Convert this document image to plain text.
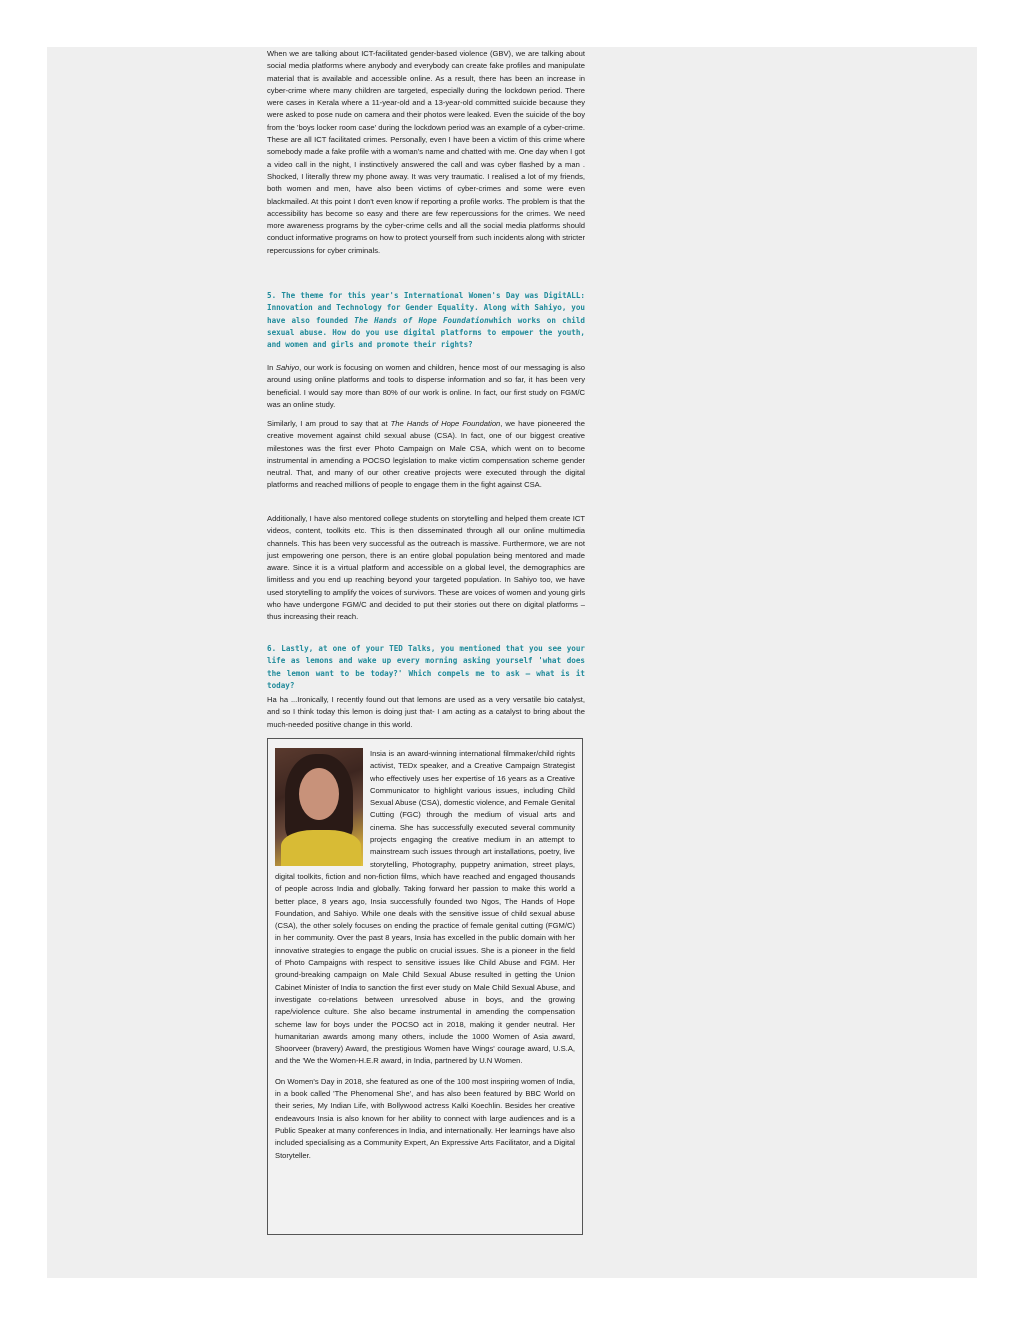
When we are talking about ICT-facilitated gender-based violence (GBV), we are talking about social media platforms where anybody and everybody can create fake profiles and manipulate material that is available and accessible online. As a result, there has been an increase in cyber-crime where many children are targeted, especially during the lockdown period. There were cases in Kerala where a 11-year-old and a 13-year-old committed suicide because they were asked to pose nude on camera and their photos were leaked. Even the suicide of the boy from the 'boys locker room case' during the lockdown period was an example of a cyber-crime. These are all ICT facilitated crimes. Personally, even I have been a victim of this crime where somebody made a fake profile with a woman's name and chatted with me. One day when I got a video call in the night, I instinctively answered the call and was cyber flashed by a man . Shocked, I literally threw my phone away. It was very traumatic. I realised a lot of my friends, both women and men, have also been victims of cyber-crimes and some were even blackmailed. At this point I don't even know if reporting a profile works. The problem is that the accessibility has become so easy and there are few repercussions for the crimes. We need more awareness programs by the cyber-crime cells and all the social media platforms should conduct informative programs on how to protect yourself from such incidents along with stricter repercussions for cyber criminals.

5. The theme for this year's International Women's Day was DigitALL: Innovation and Technology for Gender Equality. Along with Sahiyo, you have also founded The Hands of Hope Foundationwhich works on child sexual abuse. How do you use digital platforms to empower the youth, and women and girls and promote their rights?

In Sahiyo, our work is focusing on women and children, hence most of our messaging is also around using online platforms and tools to disperse information and so far, it has been very beneficial. I would say more than 80% of our work is online. In fact, our first study on FGM/C was an online study.

Similarly, I am proud to say that at The Hands of Hope Foundation, we have pioneered the creative movement against child sexual abuse (CSA). In fact, one of our biggest creative milestones was the first ever Photo Campaign on Male CSA, which went on to become instrumental in amending a POCSO legislation to make victim compensation scheme gender neutral. That, and many of our other creative projects were executed through the digital platforms and reached millions of people to engage them in the fight against CSA.

Additionally, I have also mentored college students on storytelling and helped them create ICT videos, content, toolkits etc. This is then disseminated through all our online multimedia channels. This has been very successful as the outreach is massive. Furthermore, we are not just empowering one person, there is an entire global population being mentored and made aware. Since it is a virtual platform and accessible on a global level, the demographics are limitless and you end up reaching beyond your targeted population. In Sahiyo too, we have used storytelling to amplify the voices of survivors. These are voices of women and young girls who have undergone FGM/C and decided to put their stories out there on digital platforms – thus increasing their reach.

6. Lastly, at one of your TED Talks, you mentioned that you see your life as lemons and wake up every morning asking yourself 'what does the lemon want to be today?' Which compels me to ask – what is it today?

Ha ha ...Ironically, I recently found out that lemons are used as a very versatile bio catalyst, and so I think today this lemon is doing just that- I am acting as a catalyst to bring about the much-needed positive change in this world.

Insia is an award-winning international filmmaker/child rights activist, TEDx speaker, and a Creative Campaign Strategist who effectively uses her expertise of 16 years as a Creative Communicator to highlight various issues, including Child Sexual Abuse (CSA), domestic violence, and Female Genital Cutting (FGC) through the medium of visual arts and cinema. She has successfully executed several community projects engaging the creative medium in an attempt to mainstream such issues through art installations, poetry, live storytelling, Photography, puppetry animation, street plays, digital toolkits, fiction and non-fiction films, which have reached and engaged thousands of people across India and globally. Taking forward her passion to make this world a better place, 8 years ago, Insia successfully founded two Ngos, The Hands of Hope Foundation, and Sahiyo. While one deals with the sensitive issue of child sexual abuse (CSA), the other solely focuses on ending the practice of female genital cutting (FGM/C) in her community. Over the past 8 years, Insia has excelled in the public domain with her innovative strategies to engage the public on crucial issues. She is a pioneer in the field of Photo Campaigns with respect to sensitive issues like Child Abuse and FGM. Her ground-breaking campaign on Male Child Sexual Abuse resulted in getting the Union Cabinet Minister of India to sanction the first ever study on Male Child Sexual Abuse, and investigate co-relations between unresolved abuse in boys, and the growing rape/violence culture. She also became instrumental in amending the compensation scheme law for boys under the POCSO act in 2018, making it gender neutral. Her humanitarian awards among many others, include the 1000 Women of Asia award, Shoorveer (bravery) Award, the prestigious Women have Wings' courage award, U.S.A, and the 'We the Women-H.E.R award, in India, partnered by U.N Women.

On Women's Day in 2018, she featured as one of the 100 most inspiring women of India, in a book called 'The Phenomenal She', and has also been featured by BBC World on their series, My Indian Life, with Bollywood actress Kalki Koechlin. Besides her creative endeavours Insia is also known for her ability to connect with large audiences and is a Public Speaker at many conferences in India, and internationally. Her learnings have also included specialising as a Community Expert, An Expressive Arts Facilitator, and a Digital Storyteller.
